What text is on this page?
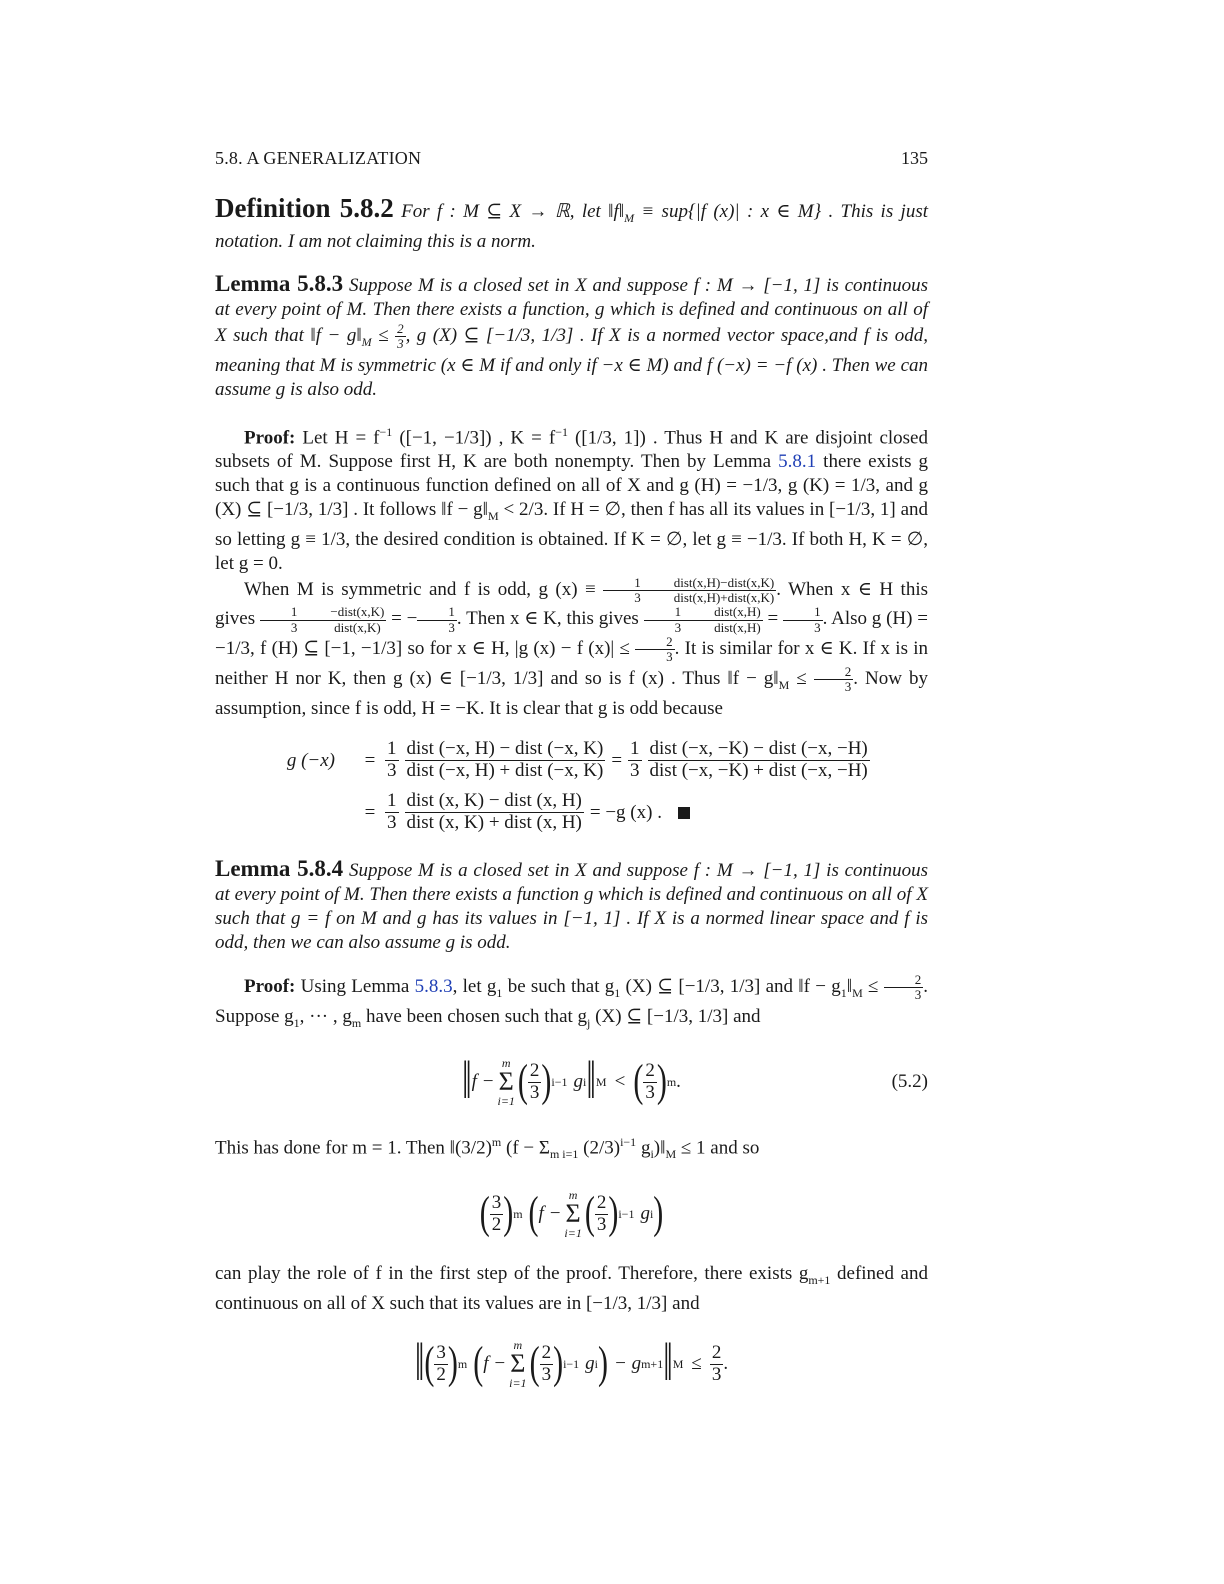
5.8. A GENERALIZATION	135

Definition 5.8.2 For f : M ⊆ X → ℝ, let $‖f‖_M \equiv sup\{|f$ (x)| : x ∈ M} . This is just notation. I am not claiming this is a norm.

Lemma 5.8.3 Suppose M is a closed set in X and suppose f : M → [−1, 1] is continuous at every point of M. Then there exists a function, g which is defined and continuous on all of X such that ‖f − $g‖_M \le \frac{2}{3}$ , g (X) ⊆ [−1/3, 1/3] . If X is a normed vector space,and f is odd, meaning that M is symmetric (x ∈ M if and only if −x ∈ M) and f (−x) = −f (x) . Then we can assume g is also odd.

Proof: Let $H = f^{-1}$ ([−1, −1/3]) , $K = f^{-1}$ ([1/3, 1]) . Thus H and K are disjoint closed subsets of M. Suppose first H, K are both nonempty. Then by Lemma 5.8.1 there exists g such that g is a continuous function defined on all of X and g (H) = −1/3, g (K) = 1/3, and g (X) ⊆ [−1/3, 1/3] . It follows ‖f − $g‖_M < 2/3$. If H = ∅, then f has all its values in [−1/3, 1] and so letting g ≡ 1/3, the desired condition is obtained. If K = ∅, let g ≡ −1/3. If both H, K = ∅, let g = 0.

When M is symmetric and f is odd, g $(x) \equiv \frac{1}{3} \frac{\text{dist(x,H)−dist(x,K)}}{\text{dist(x,H)+dist(x,K)}}$ . When x ∈ H this gives $\frac{1}{3} \frac{\text{−dist(x,K)}}{\text{dist(x,K)}}$ = − $\frac{1}{3}$ . Then x ∈ K, this gives $\frac{1}{3} \frac{\text{dist(x,H)}}{\text{dist(x,H)}} = \frac{1}{3}$ . Also g (H) = −1/3, f (H) ⊆ [−1, −1/3] so for x ∈ H, |g (x) − f $(x)| \le \frac{2}{3}$ . It is similar for x ∈ K. If x is in neither H nor K, then g (x) ∈ [−1/3, 1/3] and so is f (x) . Thus ‖f − $g‖_M \le \frac{2}{3}$ . Now by assumption, since f is odd, H = −K. It is clear that g is odd because

g (−x)	= $\frac{1}{3} \frac{\text{dist (−x, H) − dist (−x, K)}}{\text{dist (−x, H) + dist (−x, K)}} = \frac{1}{3} \frac{\text{dist (−x, −K) − dist (−x, −H)}}{\text{dist (−x, −K) + dist (−x, −H)}}$
= $\frac{1}{3} \frac{\text{dist (x, K) − dist (x, H)}}{\text{dist (x, K) + dist (x, H)}} = -g$ (x) .

Lemma 5.8.4 Suppose M is a closed set in X and suppose f : M → [−1, 1] is continuous at every point of M. Then there exists a function g which is defined and continuous on all of X such that g = f on M and g has its values in [−1, 1] . If X is a normed linear space and f is odd, then we can also assume g is odd.

Proof: Using Lemma 5.8.3, let $g_1$ be such that $g_1$ (X) ⊆ [−1/3, 1/3] and ‖f − $g_1‖_M \le \frac{2}{3}$ . Suppose $g_1$, ··· , $g_m$ have been chosen such that $g_j$ (X) ⊆ [−1/3, 1/3] and

‖ f −
m
Σ
i=1 ( $\frac{2}{3}$ ) i−1 g i ‖ M < ( $\frac{2}{3}$ ) m .	(5.2)

This has done for m = 1. Then $‖(3/2)^m$ ($f - \Sigma_{m i=1}$ $(2/3)^{i-1}$ $g_i)‖_M \le 1$ and so

( $\frac{3}{2}$ ) m ( f −
m
Σ
i=1 ( $\frac{2}{3}$ ) i−1 g i )

can play the role of f in the first step of the proof. Therefore, there exists $g_{m+1}$ defined and continuous on all of X such that its values are in [−1/3, 1/3] and

‖ ( $\frac{3}{2}$ ) m ( f −
m
Σ
i=1 ( $\frac{2}{3}$ ) i−1 g i ) − g m+1 ‖ $M \le \frac{2}{3}$ .
